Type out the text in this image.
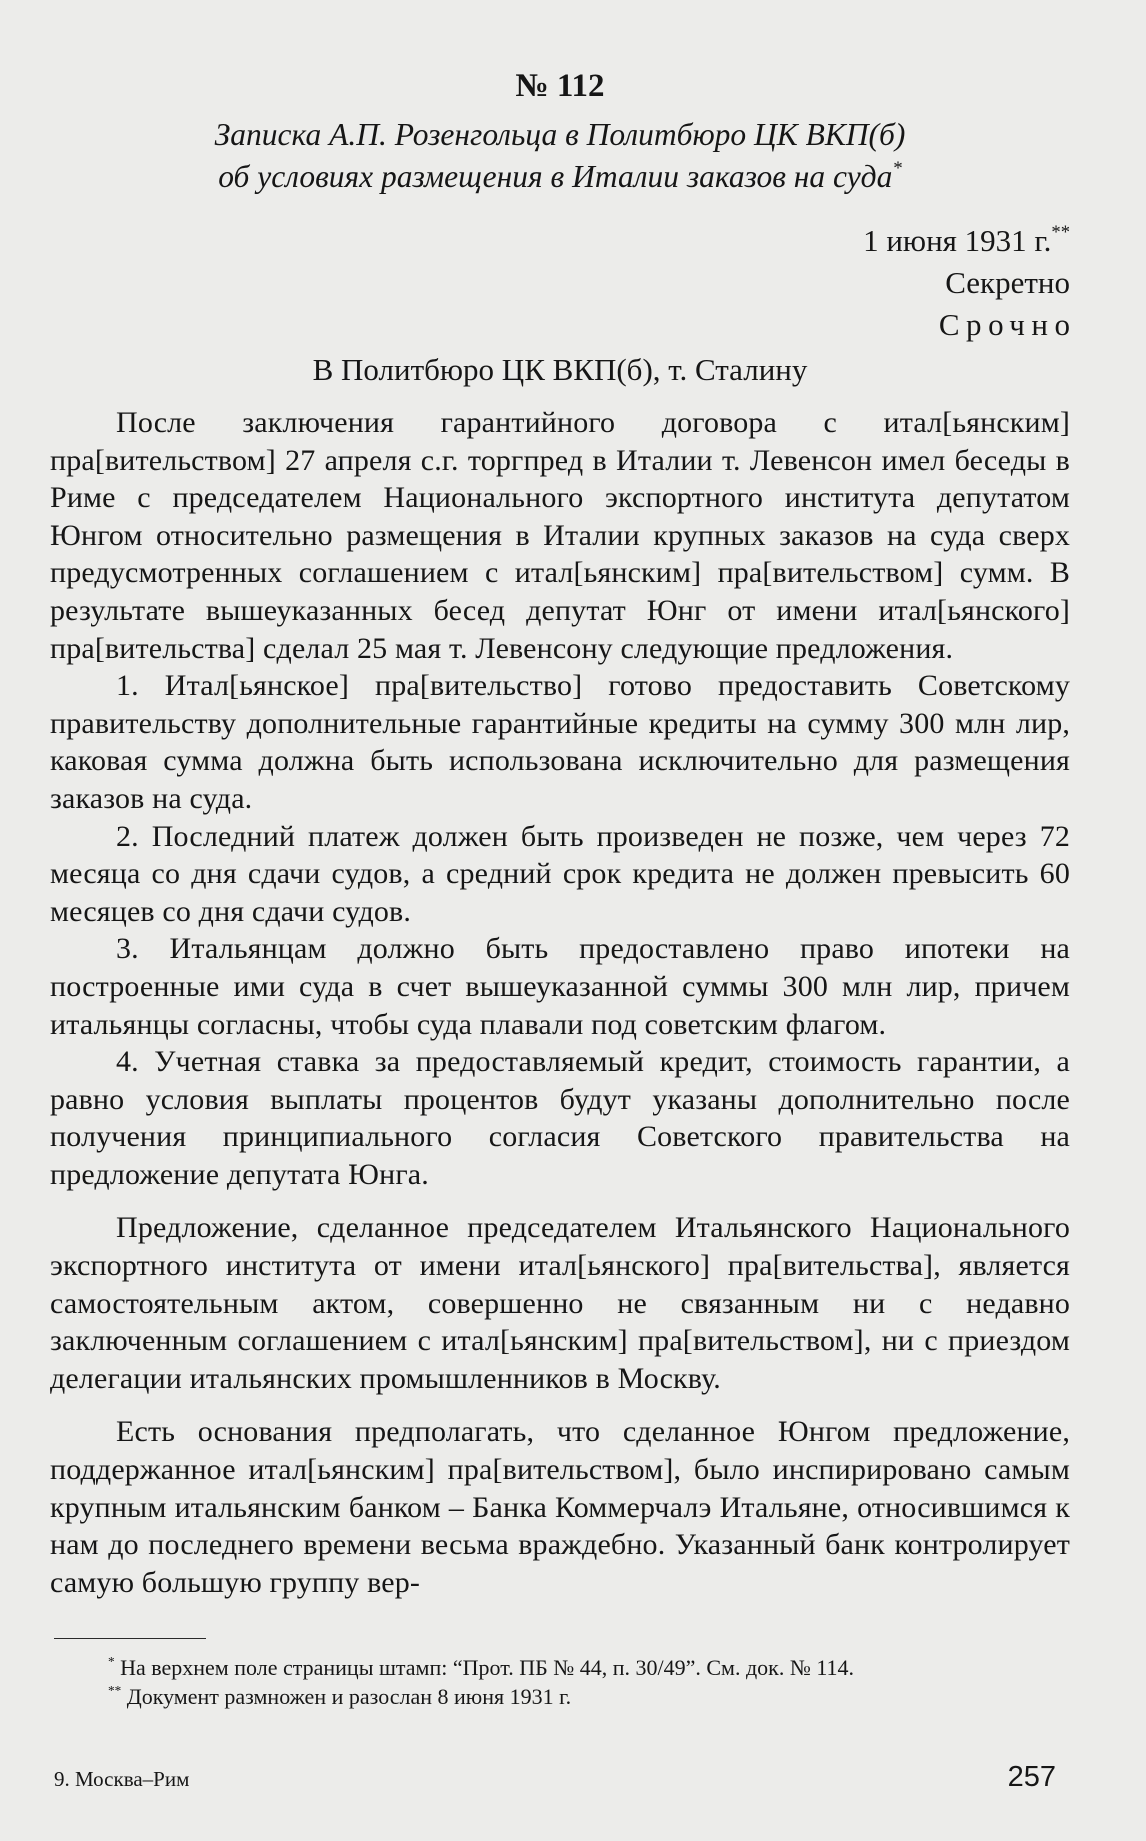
№ 112
Записка А.П. Розенгольца в Политбюро ЦК ВКП(б)
об условиях размещения в Италии заказов на суда*
1 июня 1931 г.**
Секретно
Срочно
В Политбюро ЦК ВКП(б), т. Сталину

После заключения гарантийного договора с итал[ьянским] пра[вительством] 27 апреля с.г. торгпред в Италии т. Левенсон имел беседы в Риме с председателем Национального экспортного института депутатом Юнгом относительно размещения в Италии крупных заказов на суда сверх предусмотренных соглашением с итал[ьянским] пра[вительством] сумм. В результате вышеуказанных бесед депутат Юнг от имени итал[ьянского] пра[вительства] сделал 25 мая т. Левенсону следующие предложения.

1. Итал[ьянское] пра[вительство] готово предоставить Советскому правительству дополнительные гарантийные кредиты на сумму 300 млн лир, каковая сумма должна быть использована исключительно для размещения заказов на суда.

2. Последний платеж должен быть произведен не позже, чем через 72 месяца со дня сдачи судов, а средний срок кредита не должен превысить 60 месяцев со дня сдачи судов.

3. Итальянцам должно быть предоставлено право ипотеки на построенные ими суда в счет вышеуказанной суммы 300 млн лир, причем итальянцы согласны, чтобы суда плавали под советским флагом.

4. Учетная ставка за предоставляемый кредит, стоимость гарантии, а равно условия выплаты процентов будут указаны дополнительно после получения принципиального согласия Советского правительства на предложение депутата Юнга.

Предложение, сделанное председателем Итальянского Национального экспортного института от имени итал[ьянского] пра[вительства], является самостоятельным актом, совершенно не связанным ни с недавно заключенным соглашением с итал[ьянским] пра[вительством], ни с приездом делегации итальянских промышленников в Москву.

Есть основания предполагать, что сделанное Юнгом предложение, поддержанное итал[ьянским] пра[вительством], было инспирировано самым крупным итальянским банком – Банка Коммерчалэ Итальяне, относившимся к нам до последнего времени весьма враждебно. Указанный банк контролирует самую большую группу вер-

* На верхнем поле страницы штамп: “Прот. ПБ № 44, п. 30/49”. См. док. № 114.

** Документ размножен и разослан 8 июня 1931 г.

9. Москва–Рим	257
